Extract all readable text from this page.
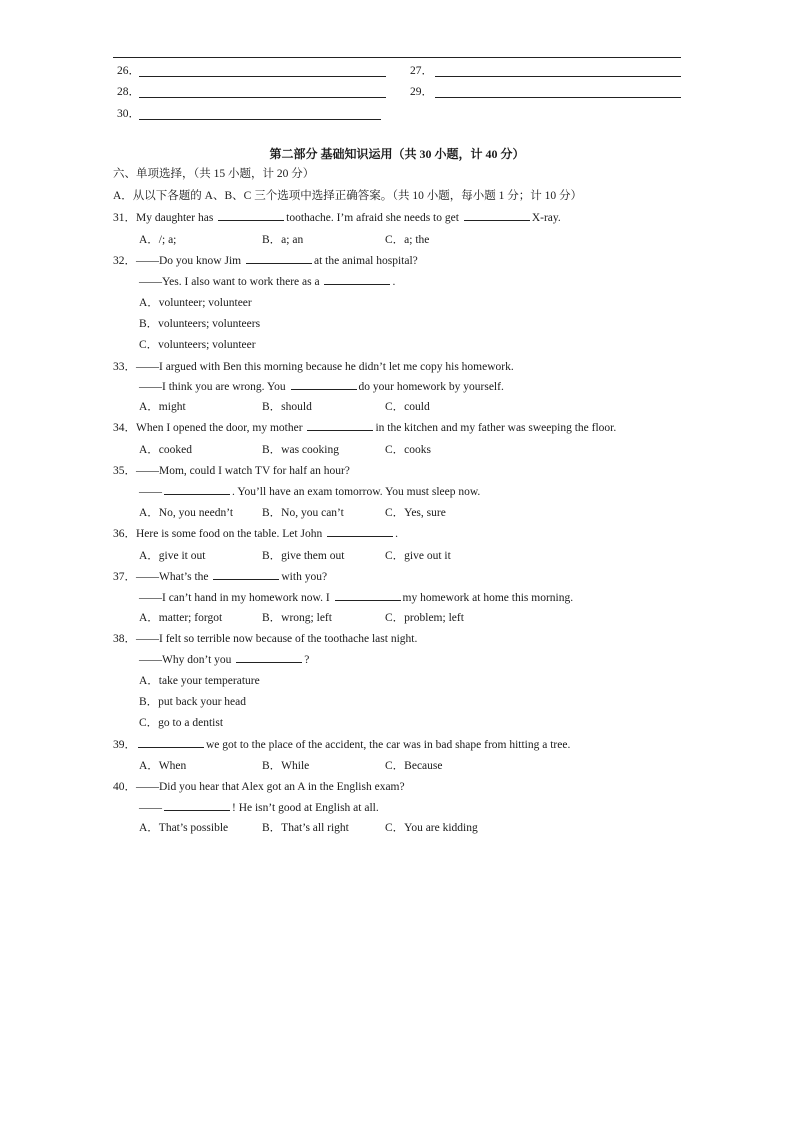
26．	27．
28．	29．
30．
第二部分 基础知识运用（共 30 小题，计 40 分）
六、单项选择，（共 15 小题，计 20 分）
A．从以下各题的 A、B、C 三个选项中选择正确答案。（共 10 小题，每小题 1 分；计 10 分）
31．My daughter has	toothache. I’m afraid she needs to get	X-ray.
A．/; a;	B．a; an	C．a; the
32．——Do you know Jim	at the animal hospital?
——Yes. I also want to work there as a	.
A．volunteer; volunteer
B．volunteers; volunteers
C．volunteers; volunteer
33．——I argued with Ben this morning because he didn’t let me copy his homework.
——I think you are wrong. You	do your homework by yourself.
A．might	B．should	C．could
34．When I opened the door, my mother	in the kitchen and my father was sweeping the floor.
A．cooked	B．was cooking	C．cooks
35．——Mom, could I watch TV for half an hour?
——	. You’ll have an exam tomorrow. You must sleep now.
A．No, you needn’t	B．No, you can’t	C．Yes, sure
36．Here is some food on the table. Let John	.
A．give it out	B．give them out	C．give out it
37．——What’s the	with you?
——I can’t hand in my homework now. I	my homework at home this morning.
A．matter; forgot	B．wrong; left	C．problem; left
38．——I felt so terrible now because of the toothache last night.
——Why don’t you	?
A．take your temperature
B．put back your head
C．go to a dentist
39．	we got to the place of the accident, the car was in bad shape from hitting a tree.
A．When	B．While	C．Because
40．——Did you hear that Alex got an A in the English exam?
——	! He isn’t good at English at all.
A．That’s possible	B．That’s all right	C．You are kidding
